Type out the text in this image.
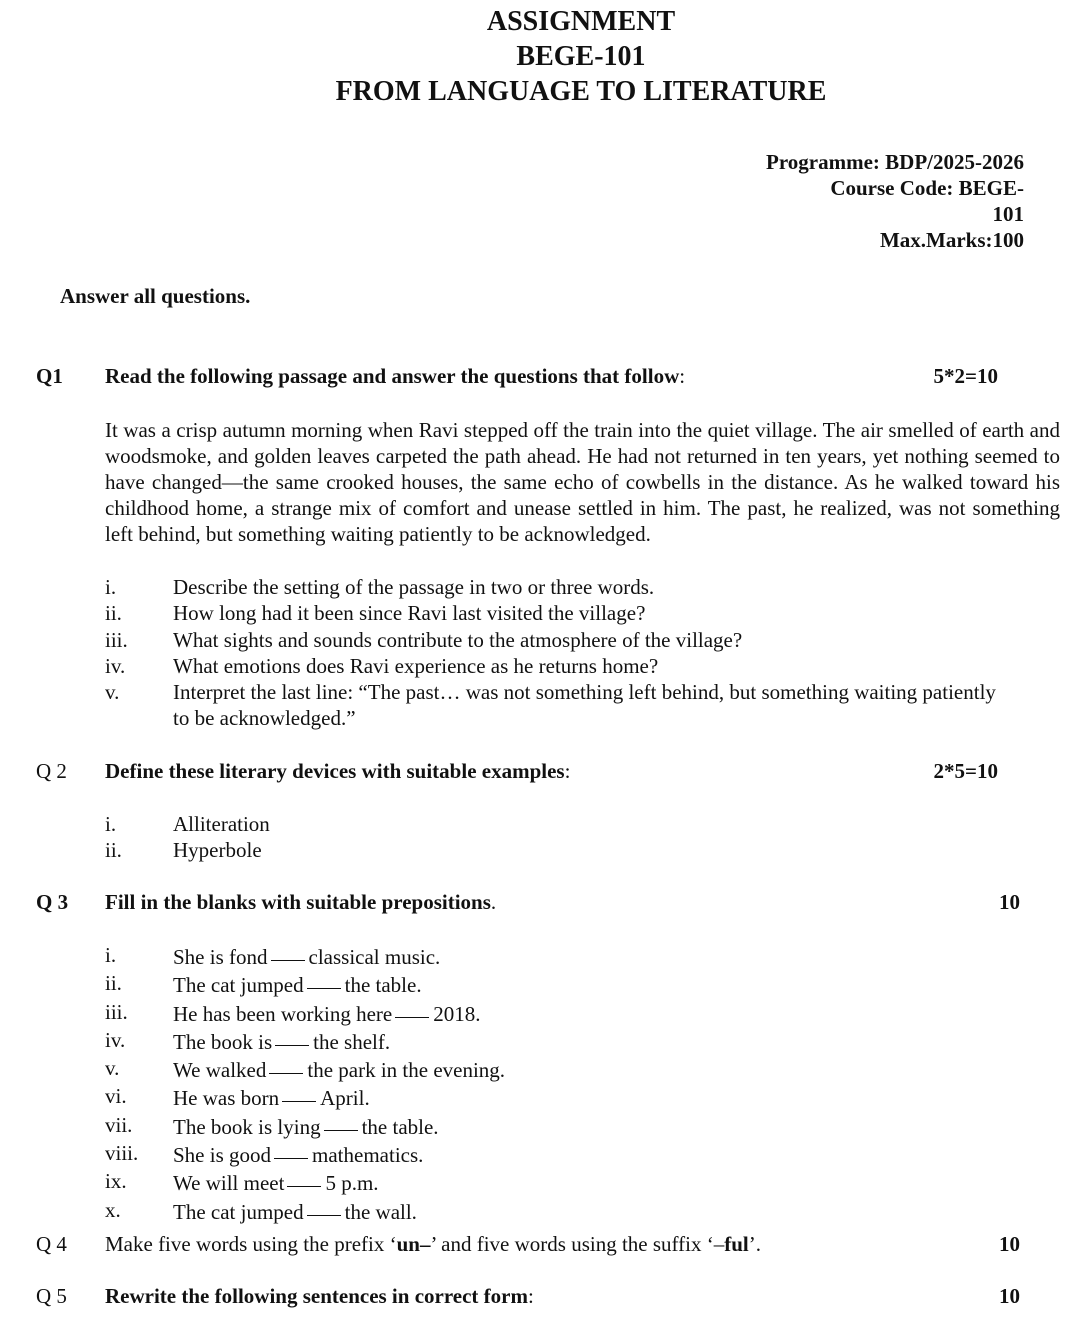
ASSIGNMENT
BEGE-101
FROM LANGUAGE TO LITERATURE
Programme: BDP/2025-2026
Course Code: BEGE-
101
Max.Marks:100
Answer all questions.
Q1 Read the following passage and answer the questions that follow:	5*2=10
It was a crisp autumn morning when Ravi stepped off the train into the quiet village. The air smelled of earth and woodsmoke, and golden leaves carpeted the path ahead. He had not returned in ten years, yet nothing seemed to have changed—the same crooked houses, the same echo of cowbells in the distance. As he walked toward his childhood home, a strange mix of comfort and unease settled in him. The past, he realized, was not something left behind, but something waiting patiently to be acknowledged.
i.	Describe the setting of the passage in two or three words.
ii.	How long had it been since Ravi last visited the village?
iii.	What sights and sounds contribute to the atmosphere of the village?
iv.	What emotions does Ravi experience as he returns home?
v.	Interpret the last line: “The past… was not something left behind, but something waiting patiently to be acknowledged.”
Q 2 Define these literary devices with suitable examples:	2*5=10
i.	Alliteration
ii.	Hyperbole
Q 3 Fill in the blanks with suitable prepositions.	10
i.	She is fond classical music.
ii.	The cat jumped the table.
iii.	He has been working here 2018.
iv.	The book is the shelf.
v.	We walked the park in the evening.
vi.	He was born April.
vii.	The book is lying the table.
viii.	She is good mathematics.
ix.	We will meet 5 p.m.
x.	The cat jumped the wall.
Q 4 Make five words using the prefix ‘un–’ and five words using the suffix ‘–ful’.	10
Q 5 Rewrite the following sentences in correct form:	10
